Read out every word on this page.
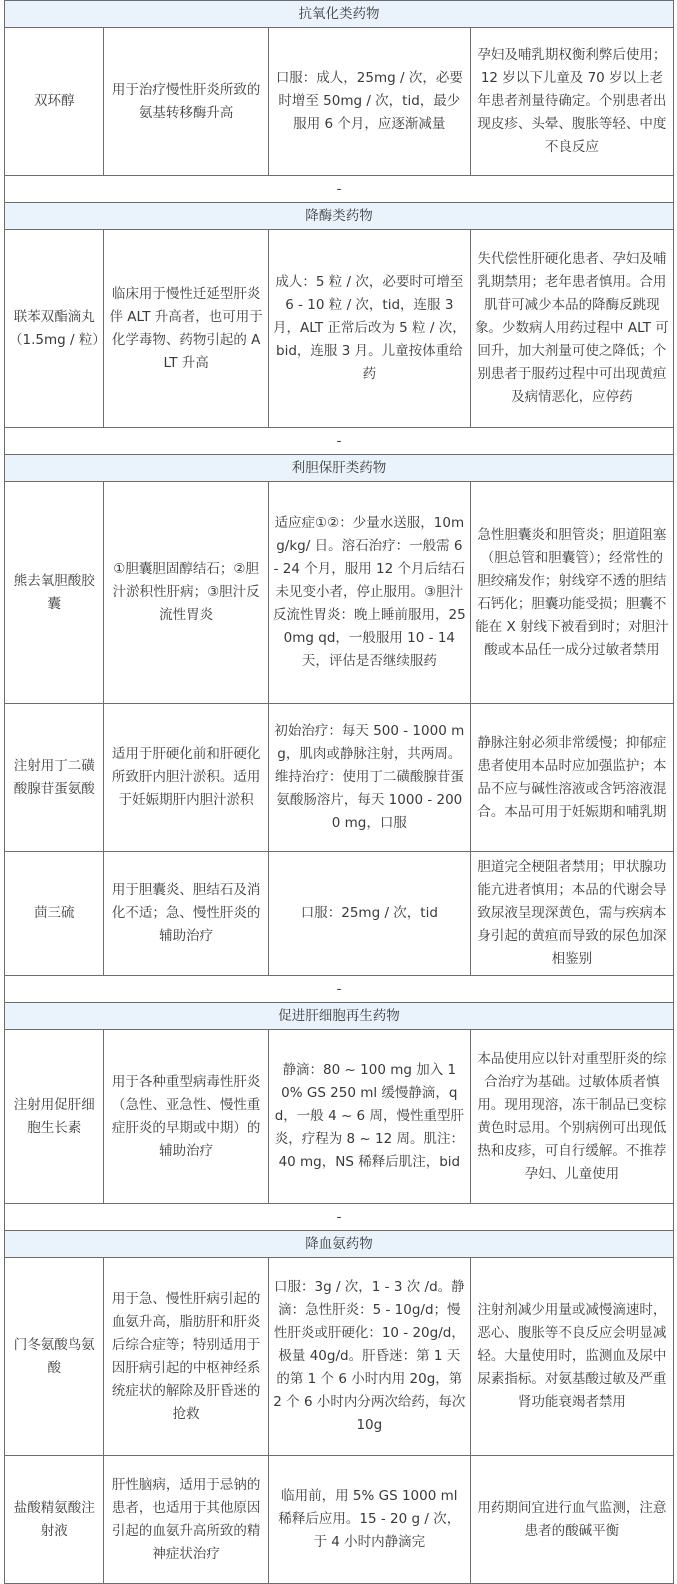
抗氧化类药物			
双环醇	用于治疗慢性肝炎所致的氨基转移酶升高	口服：成人，25mg / 次，必要时增至 50mg / 次，tid，最少服用 6 个月，应逐渐减量	孕妇及哺乳期权衡利弊后使用；12 岁以下儿童及 70 岁以上老年患者剂量待确定。个别患者出现皮疹、头晕、腹胀等轻、中度不良反应
-			
降酶类药物			
联苯双酯滴丸（1.5mg / 粒）	临床用于慢性迁延型肝炎伴 ALT 升高者，也可用于化学毒物、药物引起的 ALT 升高	成人：5 粒 / 次，必要时可增至 6 - 10 粒 / 次，tid，连服 3 月，ALT 正常后改为 5 粒 / 次，bid，连服 3 月。儿童按体重给药	失代偿性肝硬化患者、孕妇及哺乳期禁用；老年患者慎用。合用肌苷可减少本品的降酶反跳现象。少数病人用药过程中 ALT 可回升，加大剂量可使之降低；个别患者于服药过程中可出现黄疸及病情恶化，应停药
-			
利胆保肝类药物			
熊去氧胆酸胶囊	①胆囊胆固醇结石；②胆汁淤积性肝病；③胆汁反流性胃炎	适应症①②：少量水送服，10mg/kg/ 日。溶石治疗：一般需 6 - 24 个月，服用 12 个月后结石未见变小者，停止服用。③胆汁反流性胃炎：晚上睡前服用，250mg qd，一般服用 10 - 14 天，评估是否继续服药	急性胆囊炎和胆管炎；胆道阻塞（胆总管和胆囊管）；经常性的胆绞痛发作；射线穿不透的胆结石钙化；胆囊功能受损；胆囊不能在 X 射线下被看到时；对胆汁酸或本品任一成分过敏者禁用
注射用丁二磺酸腺苷蛋氨酸	适用于肝硬化前和肝硬化所致肝内胆汁淤积。适用于妊娠期肝内胆汁淤积	初始治疗：每天 500 - 1000 mg，肌肉或静脉注射，共两周。维持治疗：使用丁二磺酸腺苷蛋氨酸肠溶片，每天 1000 - 2000 mg，口服	静脉注射必须非常缓慢；抑郁症患者使用本品时应加强监护；本品不应与碱性溶液或含钙溶液混合。本品可用于妊娠期和哺乳期
茴三硫	用于胆囊炎、胆结石及消化不适；急、慢性肝炎的辅助治疗	口服：25mg / 次，tid	胆道完全梗阻者禁用；甲状腺功能亢进者慎用；本品的代谢会导致尿液呈现深黄色，需与疾病本身引起的黄疸而导致的尿色加深相鉴别
-			
促进肝细胞再生药物			
注射用促肝细胞生长素	用于各种重型病毒性肝炎（急性、亚急性、慢性重症肝炎的早期或中期）的辅助治疗	静滴：80 ~ 100 mg 加入 10% GS 250 ml 缓慢静滴，qd，一般 4 ~ 6 周，慢性重型肝炎，疗程为 8 ~ 12 周。肌注：40 mg，NS 稀释后肌注，bid	本品使用应以针对重型肝炎的综合治疗为基础。过敏体质者慎用。现用现溶，冻干制品已变棕黄色时忌用。个别病例可出现低热和皮疹，可自行缓解。不推荐孕妇、儿童使用
-			
降血氨药物			
门冬氨酸鸟氨酸	用于急、慢性肝病引起的血氨升高，脂肪肝和肝炎后综合症等；特别适用于因肝病引起的中枢神经系统症状的解除及肝昏迷的抢救	口服：3g / 次，1 - 3 次 /d。静滴：急性肝炎：5 - 10g/d；慢性肝炎或肝硬化：10 - 20g/d，极量 40g/d。肝昏迷：第 1 天的第 1 个 6 小时内用 20g，第 2 个 6 小时内分两次给药，每次 10g	注射剂减少用量或减慢滴速时，恶心、腹胀等不良反应会明显减轻。大量使用时，监测血及尿中尿素指标。对氨基酸过敏及严重肾功能衰竭者禁用
盐酸精氨酸注射液	肝性脑病，适用于忌钠的患者，也适用于其他原因引起的血氨升高所致的精神症状治疗	临用前，用 5% GS 1000 ml 稀释后应用。15 - 20 g / 次，于 4 小时内静滴完	用药期间宜进行血气监测，注意患者的酸碱平衡
